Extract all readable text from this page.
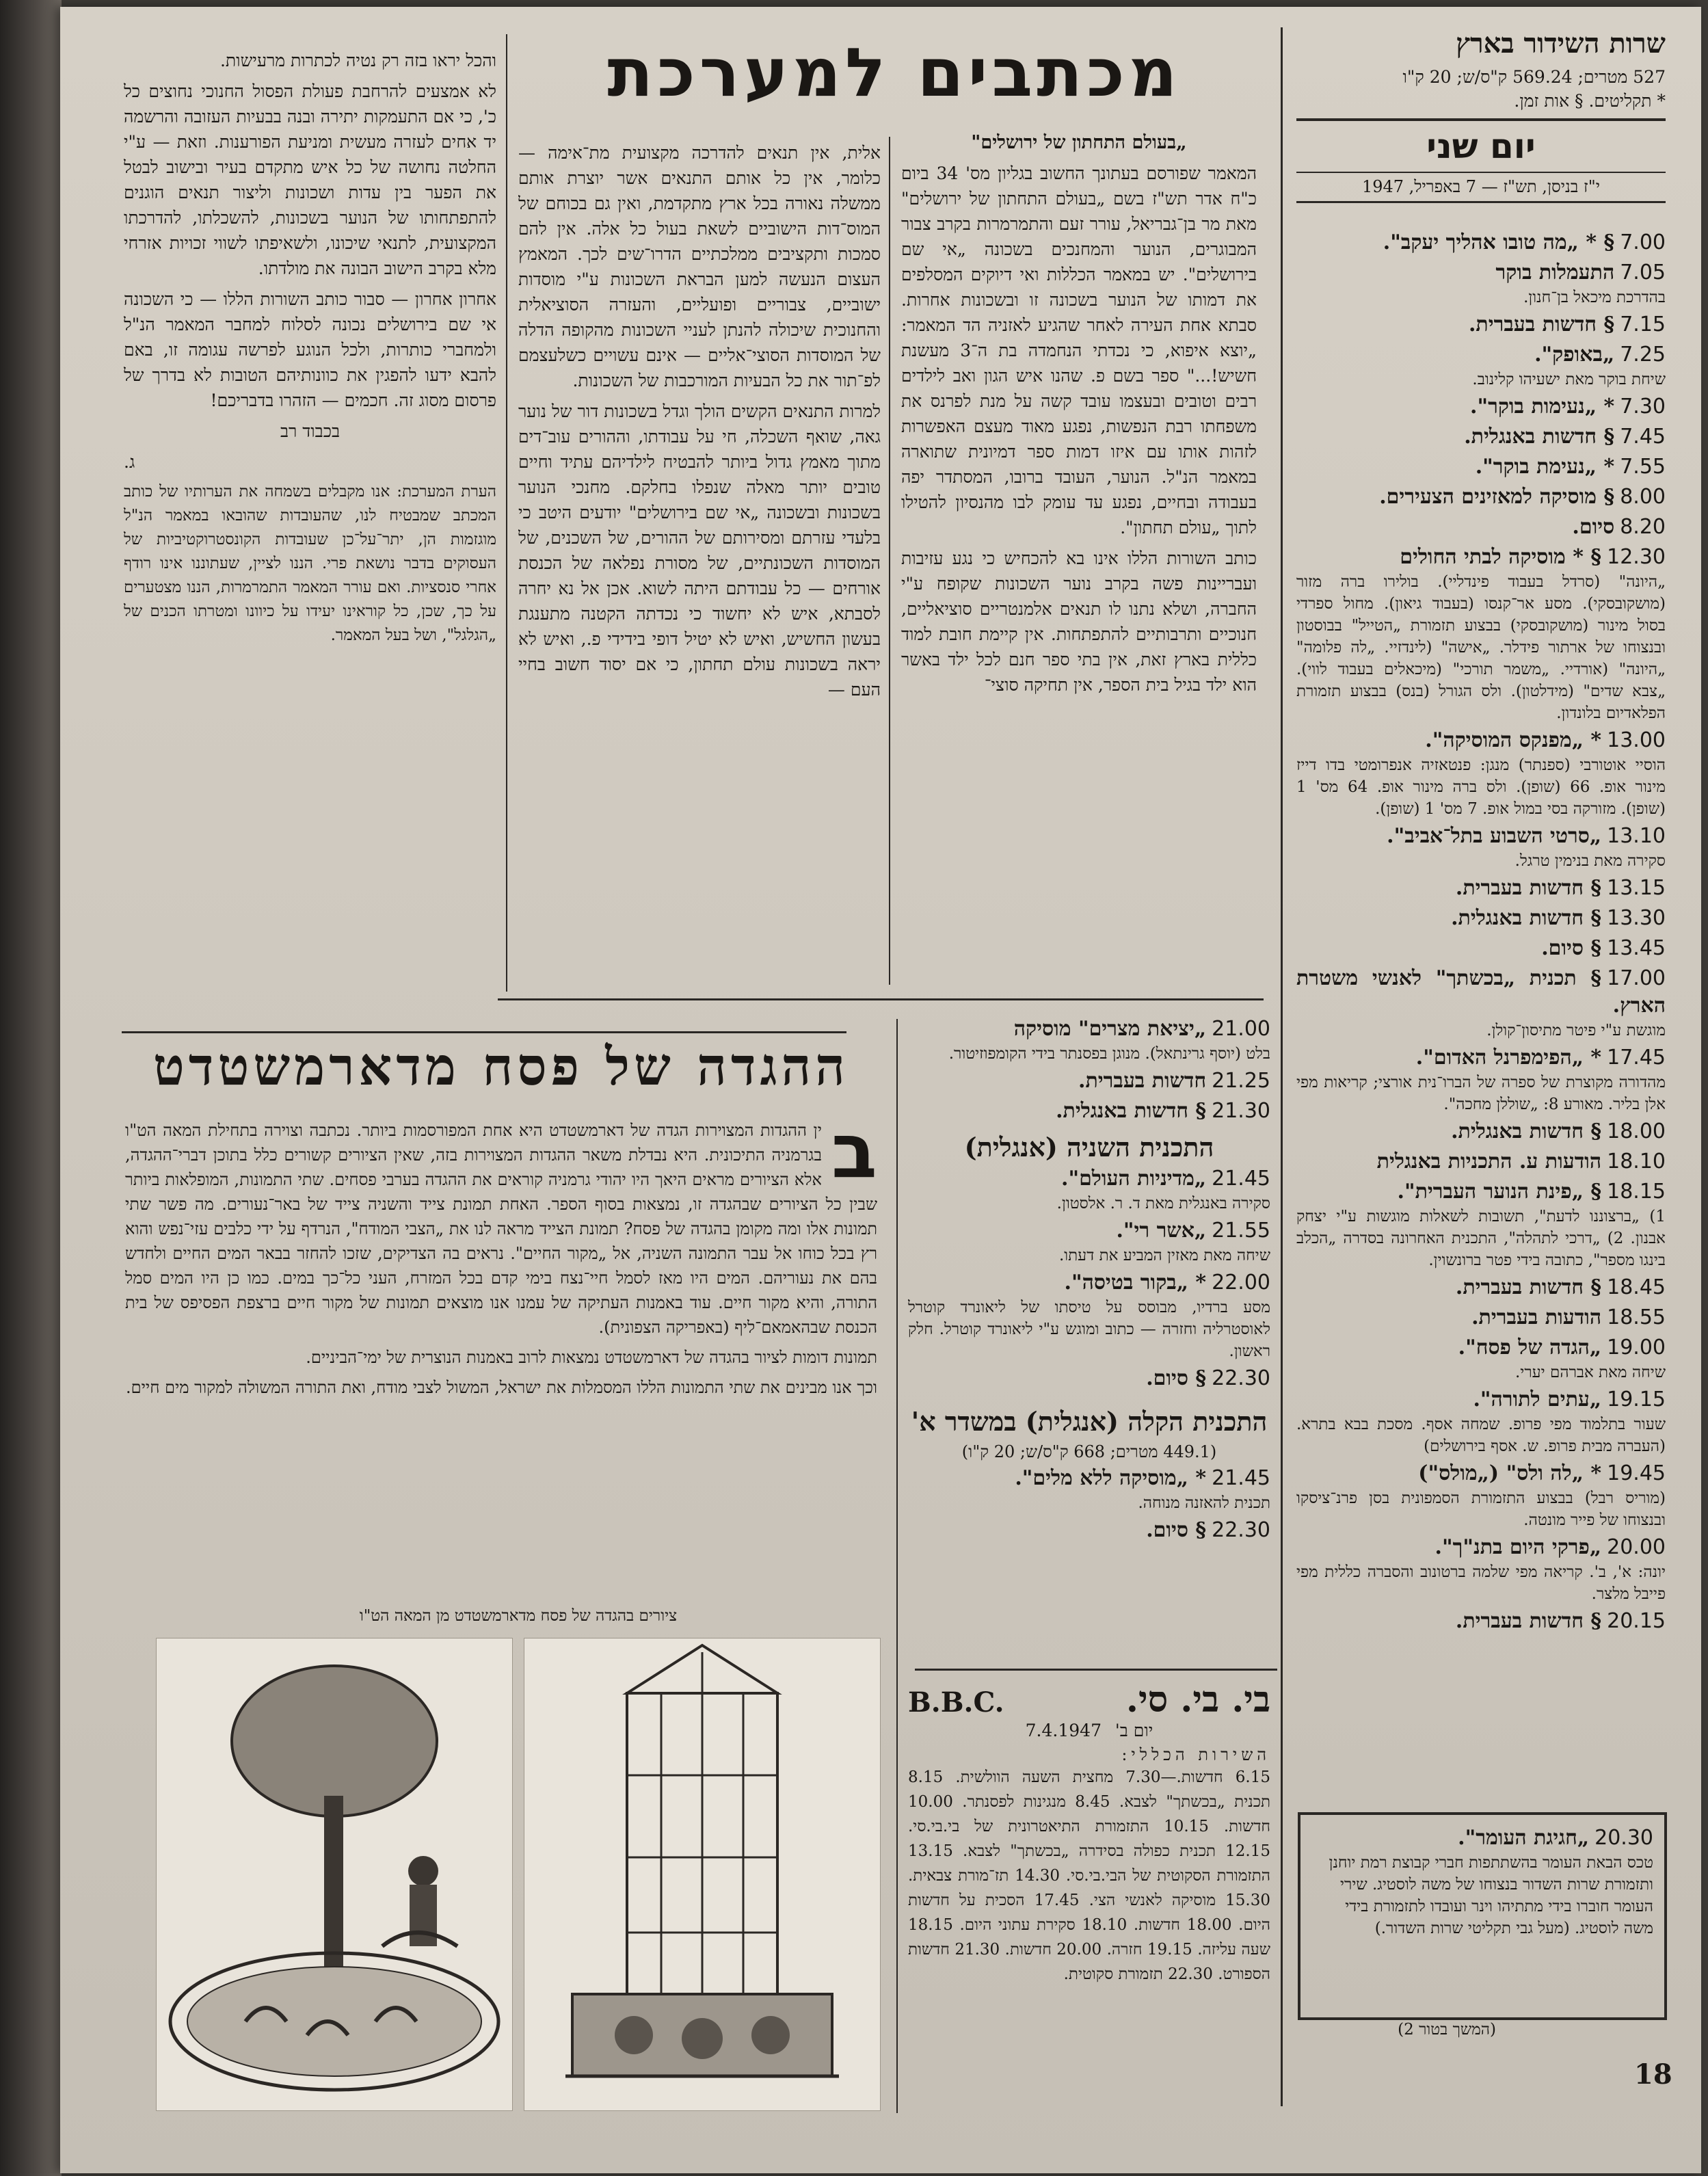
שרות השידור בארץ
527 מטרים; 569.24 ק"ס/ש; 20 ק"ו
* תקליטים. § אות זמן.
יום שני
י"ז בניסן, תש"ז — 7 באפריל, 1947
7.00§ * „מה טובו אהליך יעקב".
7.05התעמלות בוקר
בהדרכת מיכאל בן־חנון.
7.15§ חדשות בעברית.
7.25„באופק".
שיחת בוקר מאת ישעיהו קלינוב.
7.30* „נעימות בוקר".
7.45§ חדשות באנגלית.
7.55* „נעימת בוקר".
8.00§ מוסיקה למאזינים הצעירים.
8.20סיום.
12.30§ * מוסיקה לבתי החולים
„היונה" (סרדל בעבוד פינדליי). בולירו ברה מזור (מושקובסקי). מסע אר־קנסו (בעבוד גיאון). מחול ספרדי בסול מינור (מושקובסקי) בבצוע תזמורת „הטייל" בבוסטון ובנצוחו של ארתור פידלר. „אישה" (לינדזיי. „לה פלומה" „היונה" (אורדיי. „משמר תורכי" (מיכאלים בעבוד לווי). „צבא שדים" (מידלטון). ולס הגורל (בנס) בבצוע תזמורת הפלאדיום בלונדון.
13.00* „מפנקס המוסיקה".
הוסיי אוטורבי (ספנתר) מנגן: פנטאזיה אנפרומטי בדו דייז מינור אופ. 66 (שופן). ולס ברה מינור אופ. 64 מס' 1 (שופן). מזורקה בסי במול אופ. 7 מס' 1 (שופן).
13.10„סרטי השבוע בתל־אביב".
סקירה מאת בנימין טרגל.
13.15§ חדשות בעברית.
13.30§ חדשות באנגלית.
13.45§ סיום.
17.00§ תכנית „בכשתך" לאנשי משטרת הארץ.
מוגשת ע"י פיטר מתיסון־קולן.
17.45* „הפימפרנל האדום".
מהדורה מקוצרת של ספרה של הברו־נית אורצי; קריאות מפי אלן בליר. מאורע 8: „שוללן מחכה".
18.00§ חדשות באנגלית.
18.10הודעות ע. התכניות באנגלית
18.15§ „פינת הנוער העברית".
1) „ברצוננו לדעת", תשובות לשאלות מוגשות ע"י יצחק אבנון. 2) „דרכי לתהלה", התכנית האחרונה בסדרה „הכלב בינגו מספר", כתובה בידי פטר ברונשוין.
18.45§ חדשות בעברית.
18.55הודעות בעברית.
19.00„הגדה של פסח".
שיחה מאת אברהם יערי.
19.15„עתים לתורה".
שעור בתלמוד מפי פרופ. שמחה אסף. מסכת בבא בתרא. (העברה מבית פרופ. ש. אסף בירושלים)
19.45* „לה ולס" („מולס")
(מוריס רבל) בבצוע התזמורת הסמפונית בסן פרנ־ציסקו ובנצוחו של פייר מונטה.
20.00„פרקי היום בתנ"ך".
יונה: א', ב'. קריאה מפי שלמה ברטונוב והסברה כללית מפי פייבל מלצר.
20.15§ חדשות בעברית.
20.30„חגיגת העומר".
טכס הבאת העומר בהשתתפות חברי קבוצת רמת יוחנן ותזמורת שרות השדור בנצוחו של משה לוסטיג. שירי העומר חוברו בידי מתתיהו וינר ועובדו לתזמורת בידי משה לוסטיג. (מעל גבי תקליטי שרות השדור.)
(המשך בטור 2)
מכתבים למערכת

„בעולם התחתון של ירושלים"

המאמר שפורסם בעתונך החשוב בגליון מס' 34 ביום כ"ח אדר תש"ז בשם „בעולם התחתון של ירושלים" מאת מר בן־גבריאל, עורר זעם והתמרמרות בקרב צבור המבוגרים, הנוער והמחנכים בשכונה „אי שם בירושלים". יש במאמר הכללות ואי דיוקים המסלפים את דמותו של הנוער בשכונה זו ובשכונות אחרות. סבתא אחת העירה לאחר שהגיע לאזניה הד המאמר: „יוצא איפוא, כי נכדתי הנחמדה בת ה־3 מעשנת חשיש!..." ספר בשם פ. שהנו איש הגון ואב לילדים רבים וטובים ובעצמו עובד קשה על מנת לפרנס את משפחתו רבת הנפשות, נפגע מאוד מעצם האפשרות לזהות אותו עם איזו דמות ספר דמיונית שתוארה במאמר הנ"ל. הנוער, העובד ברובו, המסתדר יפה בעבודה ובחיים, נפגע עד עומק לבו מהנסיון להטילו לתוך „עולם תחתון".

כותב השורות הללו אינו בא להכחיש כי נגע עזיבות ועבריינות פשה בקרב נוער השכונות שקופח ע"י החברה, ושלא נתנו לו תנאים אלמנטריים סוציאליים, חנוכיים ותרבותיים להתפתחות. אין קיימת חובת למוד כללית בארץ זאת, אין בתי ספר חנם לכל ילד באשר הוא ילד בגיל בית הספר, אין תחיקה סוצי־

אלית, אין תנאים להדרכה מקצועית מת־אימה — כלומר, אין כל אותם התנאים אשר יוצרת אותם ממשלה נאורה בכל ארץ מתקדמת, ואין גם בכוחם של המוס־דות הישוביים לשאת בעול כל אלה. אין להם סמכות ותקציבים ממלכתיים הדרו־שים לכך. המאמץ העצום הנעשה למען הבראת השכונות ע"י מוסדות ישוביים, צבוריים ופועליים, והעזרה הסוציאלית והחנוכית שיכולה להנתן לעניי השכונות מהקופה הדלה של המוסדות הסוצי־אליים — אינם עשויים כשלעצמם לפ־תור את כל הבעיות המורכבות של השכונות.

למרות התנאים הקשים הולך וגדל בשכונות דור של נוער גאה, שואף השכלה, חי על עבודתו, וההורים עוב־דים מתוך מאמץ גדול ביותר להבטיח לילדיהם עתיד וחיים טובים יותר מאלה שנפלו בחלקם. מחנכי הנוער בשכונות ובשכונה „אי שם בירושלים" יודעים היטב כי בלעדי עזרתם ומסירותם של ההורים, של השכנים, של המוסדות השכונתיים, של מסורת נפלאה של הכנסת אורחים — כל עבודתם היתה לשוא. אכן אל נא יחרה לסבתא, איש לא יחשוד כי נכדתה הקטנה מתענגת בעשון החשיש, ואיש לא יטיל דופי בידידי פ., ואיש לא יראה בשכונות עולם תחתון, כי אם יסוד חשוב בחיי העם —

והכל יראו בזה רק נטיה לכתרות מרעישות.

לא אמצעים להרחבת פעולת הפסול החנוכי נחוצים כל כ', כי אם התעמקות יתירה ובנה בבעיות העזובה והרשמה יד אחים לעזרה מעשית ומניעת הפורענות. וזאת — ע"י החלטה נחושה של כל איש מתקדם בעיר ובישוב לבטל את הפער בין עדות ושכונות וליצור תנאים הוגנים להתפתחותו של הנוער בשכונות, להשכלתו, להדרכתו המקצועית, לתנאי שיכונו, ולשאיפתו לשווי זכויות אזרחי מלא בקרב הישוב הבונה את מולדתו.

אחרון אחרון — סבור כותב השורות הללו — כי השכונה אי שם בירושלים נכונה לסלוח למחבר המאמר הנ"ל ולמחברי כותרות, ולכל הנוגע לפרשה עגומה זו, באם להבא ידעו להפגין את כוונותיהם הטובות לא בדרך של פרסום מסוג זה. חכמים — הזהרו בדבריכם!

בכבוד רב

ג.

הערת המערכת: אנו מקבלים בשמחה את הערותיו של כותב המכתב שמבטיח לנו, שהעובדות שהובאו במאמר הנ"ל מוגזמות הן, יתר־על־כן שעובדות הקונסטרוקטיביות של העסוקים בדבר נושאת פרי. הננו לציין, שעתוננו אינו רודף אחרי סנסציות. ואם עורר המאמר התמרמרות, הננו מצטערים על כך, שכן, כל קוראינו יעידו על כיוונו ומטרתו הכנים של „הגלגל", ושל בעל המאמר.

21.00„יציאת מצרים" מוסיקה
בלט (יוסף גרינתאל). מנוגן בפסנתר בידי הקומפוזיטור.
21.25חדשות בעברית.
21.30§ חדשות באנגלית.
התכנית השניה (אנגלית)
21.45„מדיניות העולם".
סקירה באנגלית מאת ד. ר. אלסטון.
21.55„אשר רי".
שיחה מאת מאזין המביע את דעתו.
22.00* „בקור בטיסה".
מסע ברדיו, מבוסס על טיסתו של ליאונרד קוטרל לאוסטרליה וחזרה — כתוב ומוגש ע"י ליאונרד קוטרל. חלק ראשון.
22.30§ סיום.
התכנית הקלה (אנגלית) במשדר א'
(449.1 מטרים; 668 ק"ס/ש; 20 ק"ו)
21.45* „מוסיקה ללא מלים".
תכנית להאזנה מנוחה.
22.30§ סיום.
בי. בי. סי.
B.B.C.
יום ב' 7.4.1947
השירות הכללי:
6.15 חדשות.—7.30 מחצית השעה הוולשית. 8.15 תכנית „בכשתך" לצבא. 8.45 מנגינות לפסנתר. 10.00 חדשות. 10.15 התזמורת התיאטרונית של בי.בי.סי. 12.15 תכנית כפולה בסידרה „בכשתך" לצבא. 13.15 התזמורת הסקוטית של הבי.בי.סי. 14.30 תז־מורת צבאית. 15.30 מוסיקה לאנשי הצי. 17.45 הסכית על חדשות היום. 18.00 חדשות. 18.10 סקירת עתוני היום. 18.15 שעה עליזה. 19.15 חזרה. 20.00 חדשות. 21.30 חדשות הספורט. 22.30 תזמורת סקוטית.
ההגדה של פסח מדארמשטדט

ב
ין ההגדות המצוירות הגדה של דארמשטדט היא אחת המפורסמות ביותר. נכתבה וצוירה בתחילת המאה הט"ו בגרמניה התיכונית. היא נבדלת משאר ההגדות המצוירות בזה, שאין הציורים קשורים כלל בתוכן דברי־ההגדה, אלא הציורים מראים היאך היו יהודי גרמניה קוראים את ההגדה בערבי פסחים. שתי התמונות, המופלאות ביותר שבין כל הציורים שבהגדה זו, נמצאות בסוף הספר. האחת תמונת צייד והשניה צייד של באר־נעורים. מה פשר שתי תמונות אלו ומה מקומן בהגדה של פסח? תמונת הצייד מראה לנו את „הצבי המודח", הנרדף על ידי כלבים עזי־נפש והוא רץ בכל כוחו אל עבר התמונה השניה, אל „מקור החיים". נראים בה הצדיקים, שזכו להחזר בבאר המים החיים ולחדש בהם את נעוריהם. המים היו מאז לסמל חיי־נצח בימי קדם בכל המזרח, העני כל־כך במים. כמו כן היו המים סמל התורה, והיא מקור חיים. עוד באמנות העתיקה של עמנו אנו מוצאים תמונות של מקור חיים ברצפת הפסיפס של בית הכנסת שבהאמאם־ליף (באפריקה הצפונית).

תמונות דומות לציור בהגדה של דארמשטדט נמצאות לרוב באמנות הנוצרית של ימי־הביניים.

וכך אנו מבינים את שתי התמונות הללו המסמלות את ישראל, המשול לצבי מודח, ואת התורה המשולה למקור מים חיים.

ציורים בהגדה של פסח מדארמשטדט מן המאה הט"ו
18
